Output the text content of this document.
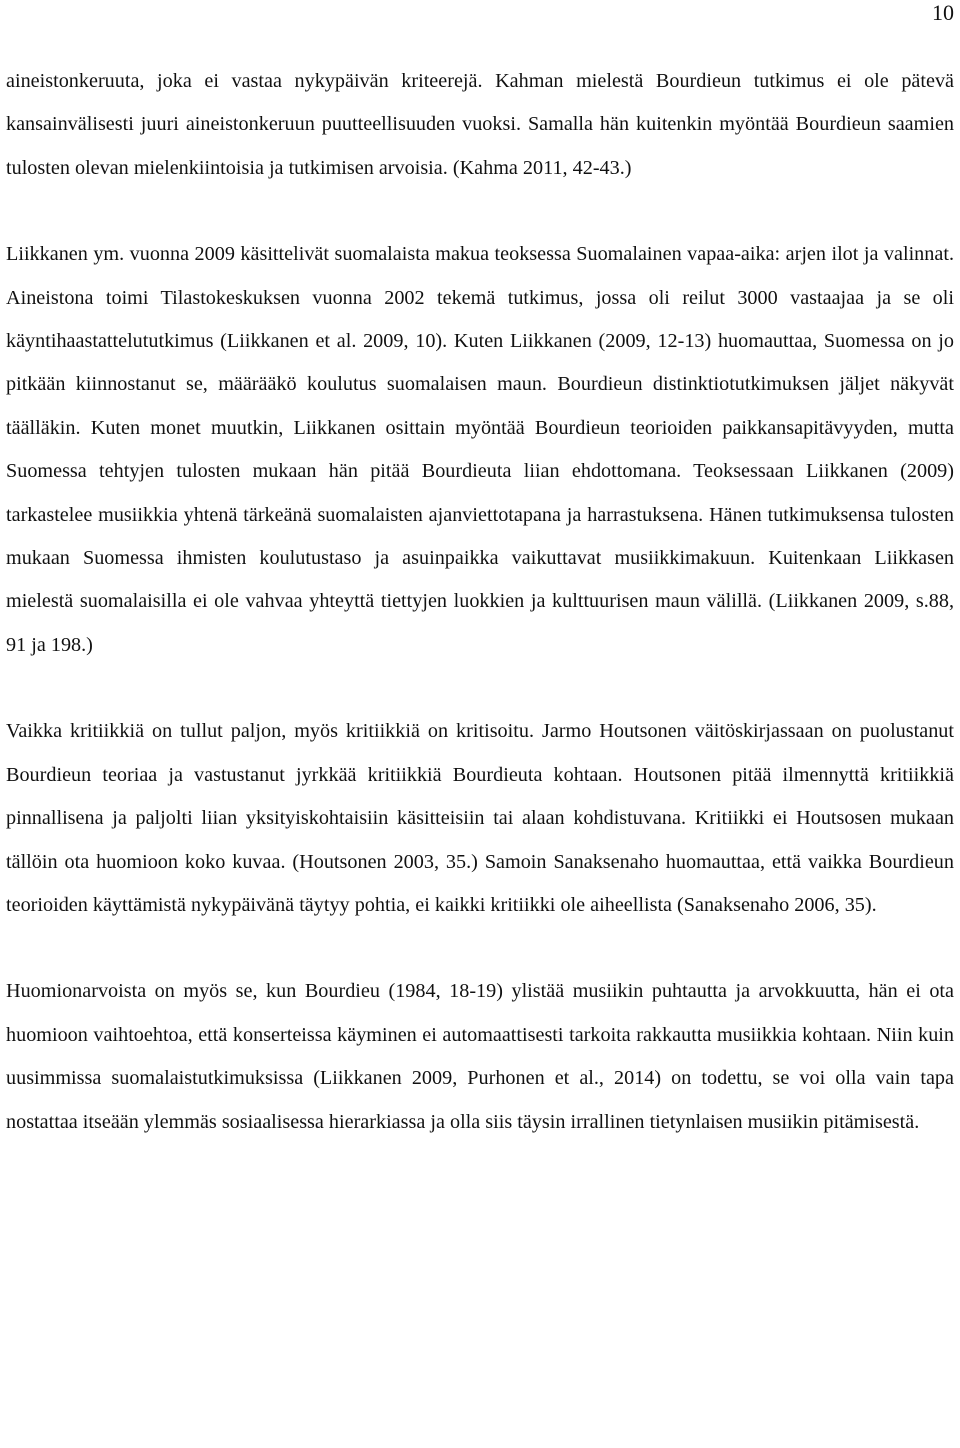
10

aineistonkeruuta, joka ei vastaa nykypäivän kriteerejä. Kahman mielestä Bourdieun tutkimus ei ole pätevä kansainvälisesti juuri aineistonkeruun puutteellisuuden vuoksi. Samalla hän kuitenkin myöntää Bourdieun saamien tulosten olevan mielenkiintoisia ja tutkimisen arvoisia. (Kahma 2011, 42-43.)

Liikkanen ym. vuonna 2009 käsittelivät suomalaista makua teoksessa Suomalainen vapaa-aika: arjen ilot ja valinnat. Aineistona toimi Tilastokeskuksen vuonna 2002 tekemä tutkimus, jossa oli reilut 3000 vastaajaa ja se oli käyntihaastattelututkimus (Liikkanen et al. 2009, 10). Kuten Liikkanen (2009, 12-13) huomauttaa, Suomessa on jo pitkään kiinnostanut se, määrääkö koulutus suomalaisen maun. Bourdieun distinktiotutkimuksen jäljet näkyvät täälläkin. Kuten monet muutkin, Liikkanen osittain myöntää Bourdieun teorioiden paikkansapitävyyden, mutta Suomessa tehtyjen tulosten mukaan hän pitää Bourdieuta liian ehdottomana. Teoksessaan Liikkanen (2009) tarkastelee musiikkia yhtenä tärkeänä suomalaisten ajanviettotapana ja harrastuksena. Hänen tutkimuksensa tulosten mukaan Suomessa ihmisten koulutustaso ja asuinpaikka vaikuttavat musiikkimakuun. Kuitenkaan Liikkasen mielestä suomalaisilla ei ole vahvaa yhteyttä tiettyjen luokkien ja kulttuurisen maun välillä. (Liikkanen 2009, s.88, 91 ja 198.)

Vaikka kritiikkiä on tullut paljon, myös kritiikkiä on kritisoitu. Jarmo Houtsonen väitöskirjassaan on puolustanut Bourdieun teoriaa ja vastustanut jyrkkää kritiikkiä Bourdieuta kohtaan. Houtsonen pitää ilmennyttä kritiikkiä pinnallisena ja paljolti liian yksityiskohtaisiin käsitteisiin tai alaan kohdistuvana. Kritiikki ei Houtsosen mukaan tällöin ota huomioon koko kuvaa. (Houtsonen 2003, 35.) Samoin Sanaksenaho huomauttaa, että vaikka Bourdieun teorioiden käyttämistä nykypäivänä täytyy pohtia, ei kaikki kritiikki ole aiheellista (Sanaksenaho 2006, 35).

Huomionarvoista on myös se, kun Bourdieu (1984, 18-19) ylistää musiikin puhtautta ja arvokkuutta, hän ei ota huomioon vaihtoehtoa, että konserteissa käyminen ei automaattisesti tarkoita rakkautta musiikkia kohtaan. Niin kuin uusimmissa suomalaistutkimuksissa (Liikkanen 2009, Purhonen et al., 2014) on todettu, se voi olla vain tapa nostattaa itseään ylemmäs sosiaalisessa hierarkiassa ja olla siis täysin irrallinen tietynlaisen musiikin pitämisestä.
